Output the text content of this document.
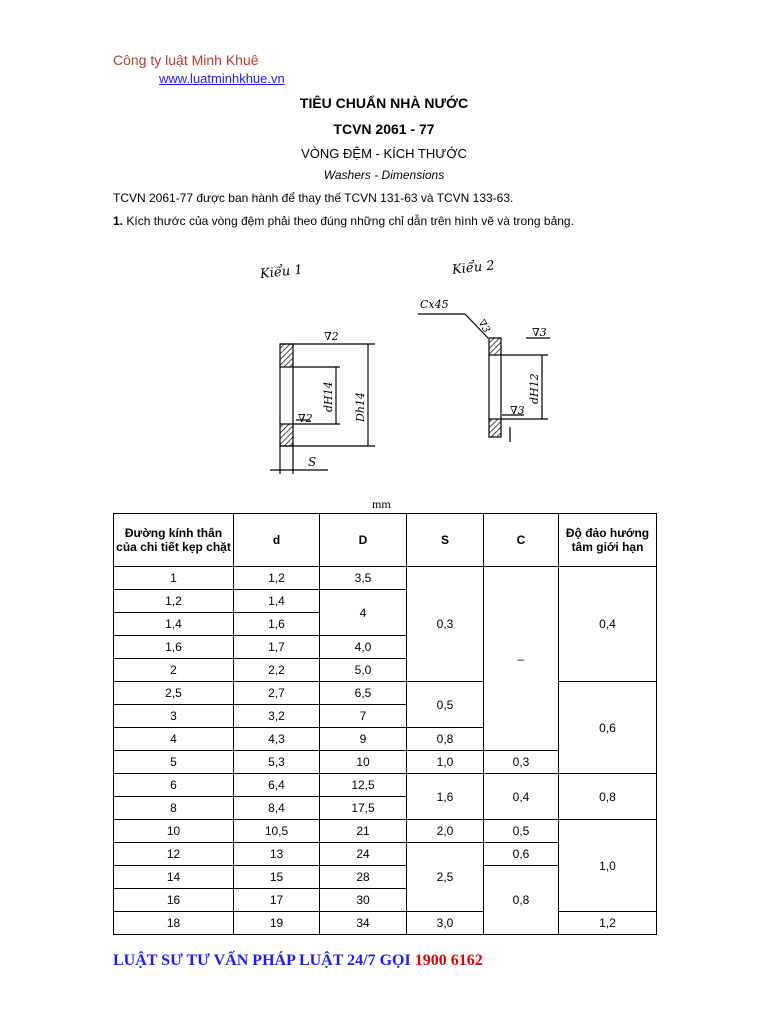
Công ty luật Minh Khuê
www.luatminhkhue.vn
TIÊU CHUẨN NHÀ NƯỚC
TCVN 2061 - 77
VÒNG ĐỆM - KÍCH THƯỚC
Washers - Dimensions
TCVN 2061-77 được ban hành để thay thế TCVN 131-63 và TCVN 133-63.
1. Kích thước của vòng đệm phải theo đúng những chỉ dẫn trên hình vẽ và trong bảng.
Kiểu 1
dH14 Dh14
∇2
∇2
S
Kiểu 2
Cx45
∇3
dH12
∇3
∇3
mm
Đường kính thân của chi tiết kẹp chặt	d	D	S	C	Độ đảo hướng tâm giới hạn
1	1,2	3,5	0,3	–	0,4
1,2	1,4	4			
1,4	1,6				
1,6	1,7	4,0			
2	2,2	5,0			
2,5	2,7	6,5	0,5		0,6
3	3,2	7			
4	4,3	9	0,8		
5	5,3	10	1,0	0,3	
6	6,4	12,5	1,6	0,4	0,8
8	8,4	17,5			
10	10,5	21	2,0	0,5	1,0
12	13	24	2,5	0,6	
14	15	28		0,8	
16	17	30			
18	19	34	3,0		1,2
LUẬT SƯ TƯ VẤN PHÁP LUẬT 24/7 GỌI 1900 6162
